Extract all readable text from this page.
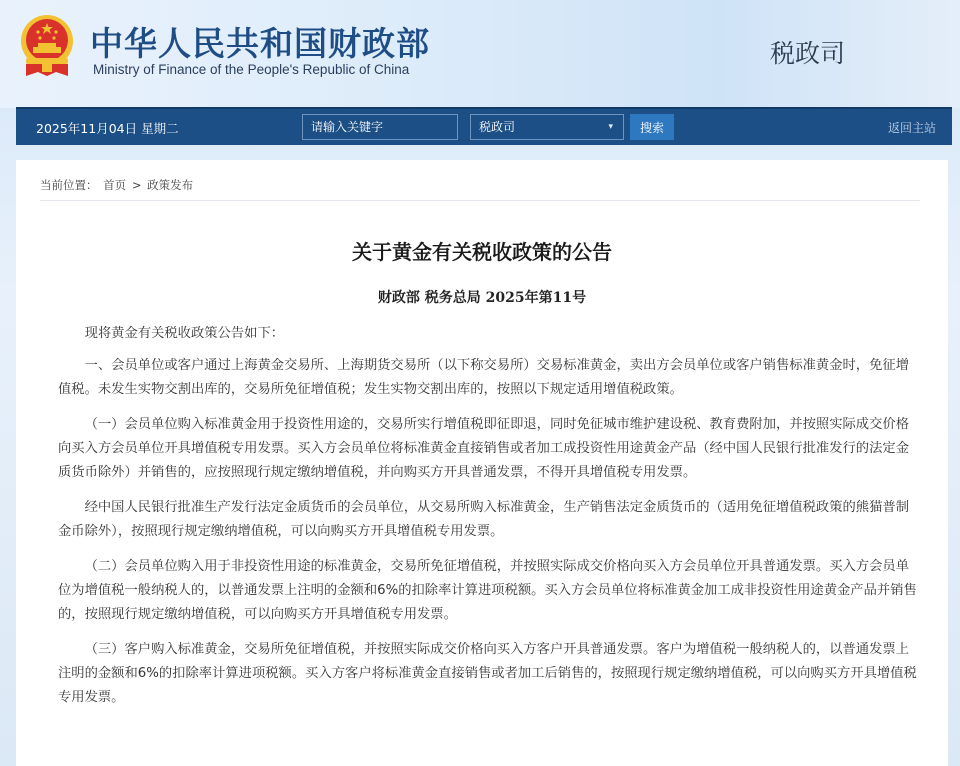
中华人民共和国财政部
Ministry of Finance of the People's Republic of China
税政司
2025年11月04日 星期二
请输入关键字	税政司	▾	搜索	返回主站
当前位置： 首页 > 政策发布
关于黄金有关税收政策的公告
财政部 税务总局 2025年第11号

现将黄金有关税收政策公告如下：

一、会员单位或客户通过上海黄金交易所、上海期货交易所（以下称交易所）交易标准黄金，卖出方会员单位或客户销售标准黄金时，免征增值税。未发生实物交割出库的，交易所免征增值税；发生实物交割出库的，按照以下规定适用增值税政策。

（一）会员单位购入标准黄金用于投资性用途的，交易所实行增值税即征即退，同时免征城市维护建设税、教育费附加，并按照实际成交价格向买入方会员单位开具增值税专用发票。买入方会员单位将标准黄金直接销售或者加工成投资性用途黄金产品（经中国人民银行批准发行的法定金质货币除外）并销售的，应按照现行规定缴纳增值税，并向购买方开具普通发票，不得开具增值税专用发票。

经中国人民银行批准生产发行法定金质货币的会员单位，从交易所购入标准黄金，生产销售法定金质货币的（适用免征增值税政策的熊猫普制金币除外），按照现行规定缴纳增值税，可以向购买方开具增值税专用发票。

（二）会员单位购入用于非投资性用途的标准黄金，交易所免征增值税，并按照实际成交价格向买入方会员单位开具普通发票。买入方会员单位为增值税一般纳税人的，以普通发票上注明的金额和6%的扣除率计算进项税额。买入方会员单位将标准黄金加工成非投资性用途黄金产品并销售的，按照现行规定缴纳增值税，可以向购买方开具增值税专用发票。

（三）客户购入标准黄金，交易所免征增值税，并按照实际成交价格向买入方客户开具普通发票。客户为增值税一般纳税人的，以普通发票上注明的金额和6%的扣除率计算进项税额。买入方客户将标准黄金直接销售或者加工后销售的，按照现行规定缴纳增值税，可以向购买方开具增值税专用发票。
